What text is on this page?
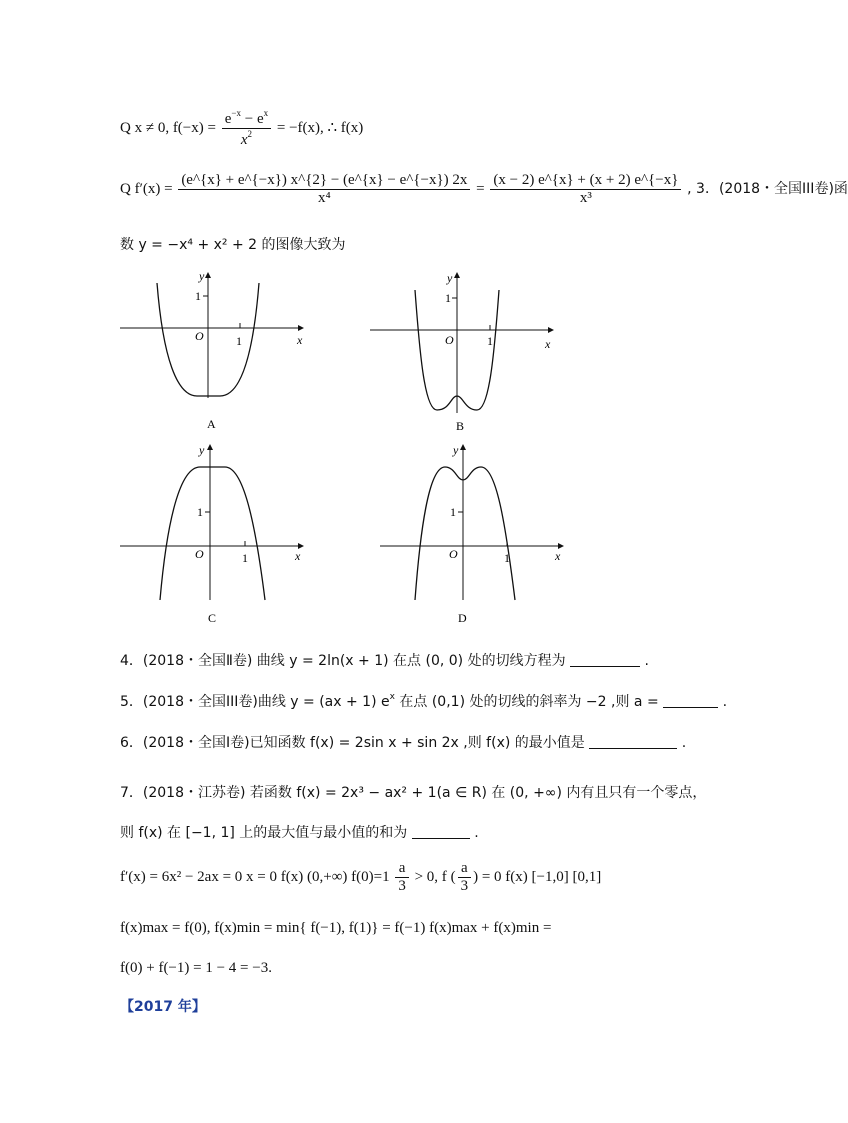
Q x ≠ 0, $f(-x) = \frac{e^{-x} - e^x}{x^2} = -f(x)$, ∴ f(x)
Q $f'(x) = \frac{(e\^{}\{x\} + e\^{}\{-x\}) x\^{}\{2\} - (e\^{}\{x\} - e\^{}\{-x\}) 2x}{\text{x⁴}} = \frac{(x - 2) e\^{}\{x\} + (x + 2) e\^{}\{-x\}}{\text{x³}}$ , 3．(2018・全国III卷)函
数 y = −x⁴ + x² + 2 的图像大致为
x
y
O	1
1
A
x
y
O	1
1
B
x
y
O	1
1
C
x
y
O	1
1
D
4．(2018・全国Ⅱ卷) 曲线 y = 2ln(x + 1) 在点 (0, 0) 处的切线方程为	.
5．(2018・全国III卷)曲线 y = (ax + 1) $e^x$ 在点 (0,1) 处的切线的斜率为 −2 ,则 a =	.
6．(2018・全国Ⅰ卷)已知函数 f(x) = 2sin x + sin 2x ,则 f(x) 的最小值是	.
7．(2018・江苏卷) 若函数 f(x) = 2x³ − ax² + 1(a ∈ R) 在 (0, +∞) 内有且只有一个零点，
则 f(x) 在 [−1, 1] 上的最大值与最小值的和为	.
f′(x) = 6x² − 2ax = 0 x = 0 f(x) (0,+∞) $f(0)=1 \frac{a}{3} > 0$, f ( $\frac{a}{3}$ ) = 0 f(x) [−1,0] [0,1]
f(x)max = f(0), f(x)min = min{ f(−1), f(1)} = f(−1) f(x)max + f(x)min =
f(0) + f(−1) = 1 − 4 = −3.
【2017 年】
